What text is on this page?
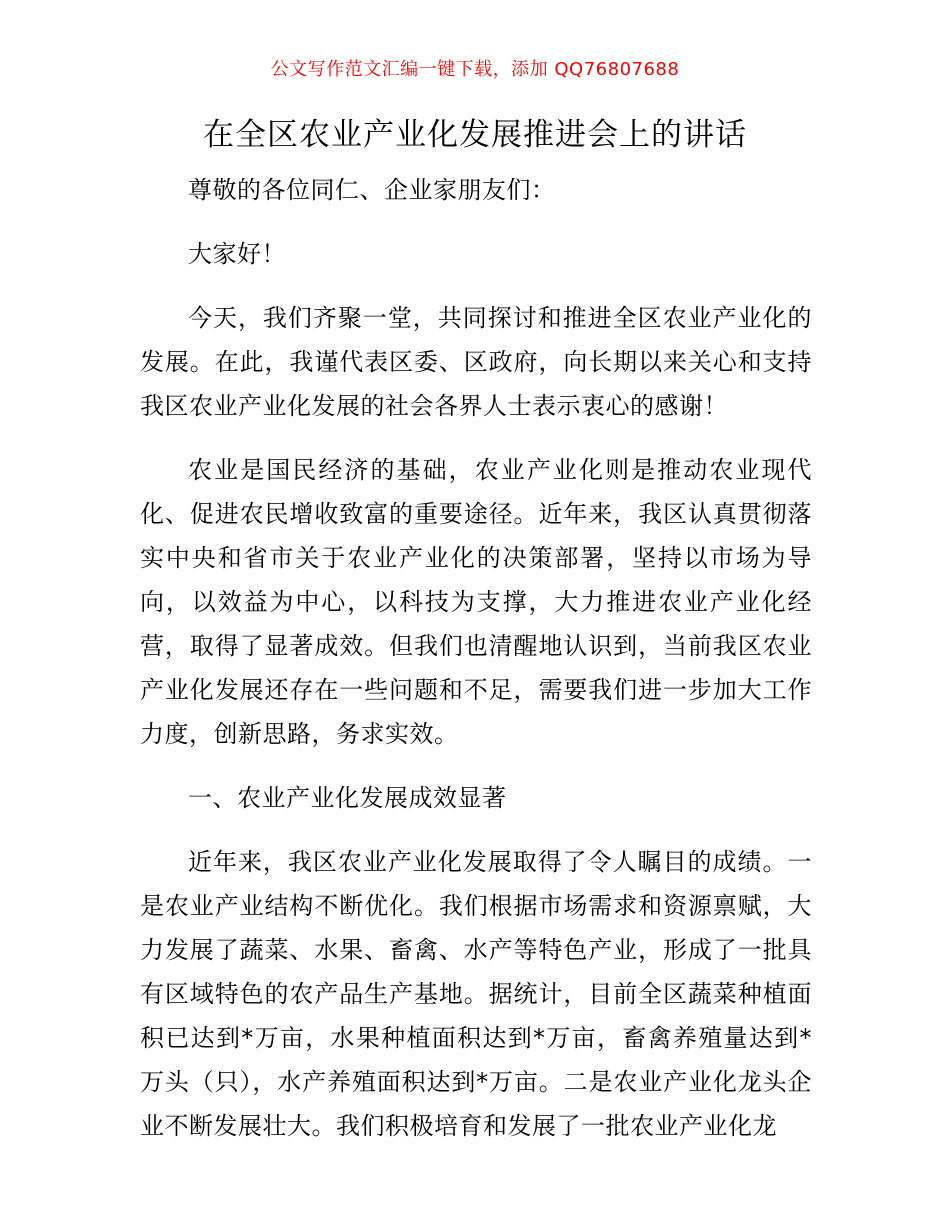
公文写作范文汇编一键下载，添加 QQ76807688
在全区农业产业化发展推进会上的讲话

尊敬的各位同仁、企业家朋友们：

大家好！

今天，我们齐聚一堂，共同探讨和推进全区农业产业化的发展。在此，我谨代表区委、区政府，向长期以来关心和支持我区农业产业化发展的社会各界人士表示衷心的感谢！

农业是国民经济的基础，农业产业化则是推动农业现代化、促进农民增收致富的重要途径。近年来，我区认真贯彻落实中央和省市关于农业产业化的决策部署，坚持以市场为导向，以效益为中心，以科技为支撑，大力推进农业产业化经营，取得了显著成效。但我们也清醒地认识到，当前我区农业产业化发展还存在一些问题和不足，需要我们进一步加大工作力度，创新思路，务求实效。

一、农业产业化发展成效显著

近年来，我区农业产业化发展取得了令人瞩目的成绩。一是农业产业结构不断优化。我们根据市场需求和资源禀赋，大力发展了蔬菜、水果、畜禽、水产等特色产业，形成了一批具有区域特色的农产品生产基地。据统计，目前全区蔬菜种植面积已达到*万亩，水果种植面积达到*万亩，畜禽养殖量达到*万头（只），水产养殖面积达到*万亩。二是农业产业化龙头企业不断发展壮大。我们积极培育和发展了一批农业产业化龙
